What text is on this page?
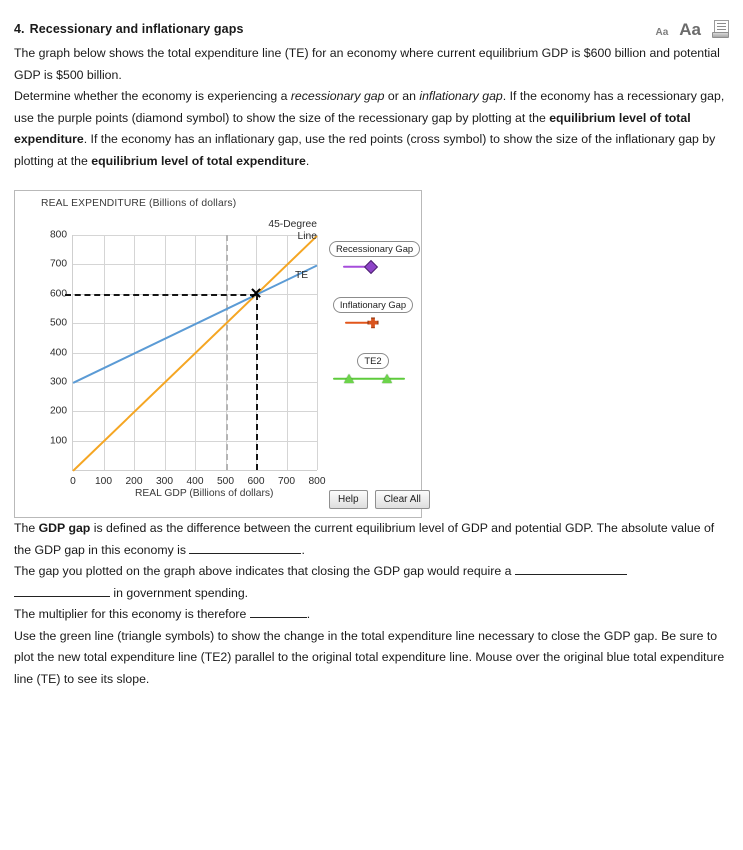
4. Recessionary and inflationary gaps	Aa Aa

The graph below shows the total expenditure line (TE) for an economy where current equilibrium GDP is $600 billion and potential GDP is $500 billion.

Determine whether the economy is experiencing a recessionary gap or an inflationary gap. If the economy has a recessionary gap, use the purple points (diamond symbol) to show the size of the recessionary gap by plotting at the equilibrium level of total expenditure. If the economy has an inflationary gap, use the red points (cross symbol) to show the size of the inflationary gap by plotting at the equilibrium level of total expenditure.

REAL EXPENDITURE (Billions of dollars)
0 100 200 300 400 500 600 700 800
100
200
300
400
500
600
700
800
✕
45-Degree
Line
TE
REAL GDP (Billions of dollars)
Recessionary Gap
Inflationary Gap
TE2
Help	Clear All

The GDP gap is defined as the difference between the current equilibrium level of GDP and potential GDP. The absolute value of the GDP gap in this economy is	.

The gap you plotted on the graph above indicates that closing the GDP gap would require a
in government spending.

The multiplier for this economy is therefore	.

Use the green line (triangle symbols) to show the change in the total expenditure line necessary to close the GDP gap. Be sure to plot the new total expenditure line (TE2) parallel to the original total expenditure line. Mouse over the original blue total expenditure line (TE) to see its slope.
